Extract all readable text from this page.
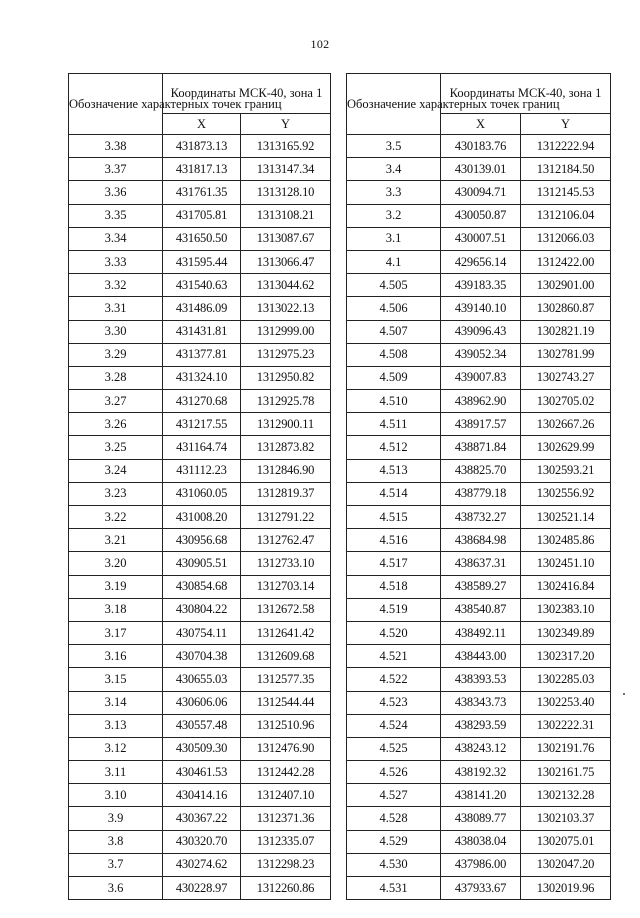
102
Обозначение характерных точек границ	Координаты МСК-40, зона 1	
	X	Y
3.38	431873.13	1313165.92
3.37	431817.13	1313147.34
3.36	431761.35	1313128.10
3.35	431705.81	1313108.21
3.34	431650.50	1313087.67
3.33	431595.44	1313066.47
3.32	431540.63	1313044.62
3.31	431486.09	1313022.13
3.30	431431.81	1312999.00
3.29	431377.81	1312975.23
3.28	431324.10	1312950.82
3.27	431270.68	1312925.78
3.26	431217.55	1312900.11
3.25	431164.74	1312873.82
3.24	431112.23	1312846.90
3.23	431060.05	1312819.37
3.22	431008.20	1312791.22
3.21	430956.68	1312762.47
3.20	430905.51	1312733.10
3.19	430854.68	1312703.14
3.18	430804.22	1312672.58
3.17	430754.11	1312641.42
3.16	430704.38	1312609.68
3.15	430655.03	1312577.35
3.14	430606.06	1312544.44
3.13	430557.48	1312510.96
3.12	430509.30	1312476.90
3.11	430461.53	1312442.28
3.10	430414.16	1312407.10
3.9	430367.22	1312371.36
3.8	430320.70	1312335.07
3.7	430274.62	1312298.23
3.6	430228.97	1312260.86
Обозначение характерных точек границ	Координаты МСК-40, зона 1	
	X	Y
3.5	430183.76	1312222.94
3.4	430139.01	1312184.50
3.3	430094.71	1312145.53
3.2	430050.87	1312106.04
3.1	430007.51	1312066.03
4.1	429656.14	1312422.00
4.505	439183.35	1302901.00
4.506	439140.10	1302860.87
4.507	439096.43	1302821.19
4.508	439052.34	1302781.99
4.509	439007.83	1302743.27
4.510	438962.90	1302705.02
4.511	438917.57	1302667.26
4.512	438871.84	1302629.99
4.513	438825.70	1302593.21
4.514	438779.18	1302556.92
4.515	438732.27	1302521.14
4.516	438684.98	1302485.86
4.517	438637.31	1302451.10
4.518	438589.27	1302416.84
4.519	438540.87	1302383.10
4.520	438492.11	1302349.89
4.521	438443.00	1302317.20
4.522	438393.53	1302285.03
4.523	438343.73	1302253.40
4.524	438293.59	1302222.31
4.525	438243.12	1302191.76
4.526	438192.32	1302161.75
4.527	438141.20	1302132.28
4.528	438089.77	1302103.37
4.529	438038.04	1302075.01
4.530	437986.00	1302047.20
4.531	437933.67	1302019.96
